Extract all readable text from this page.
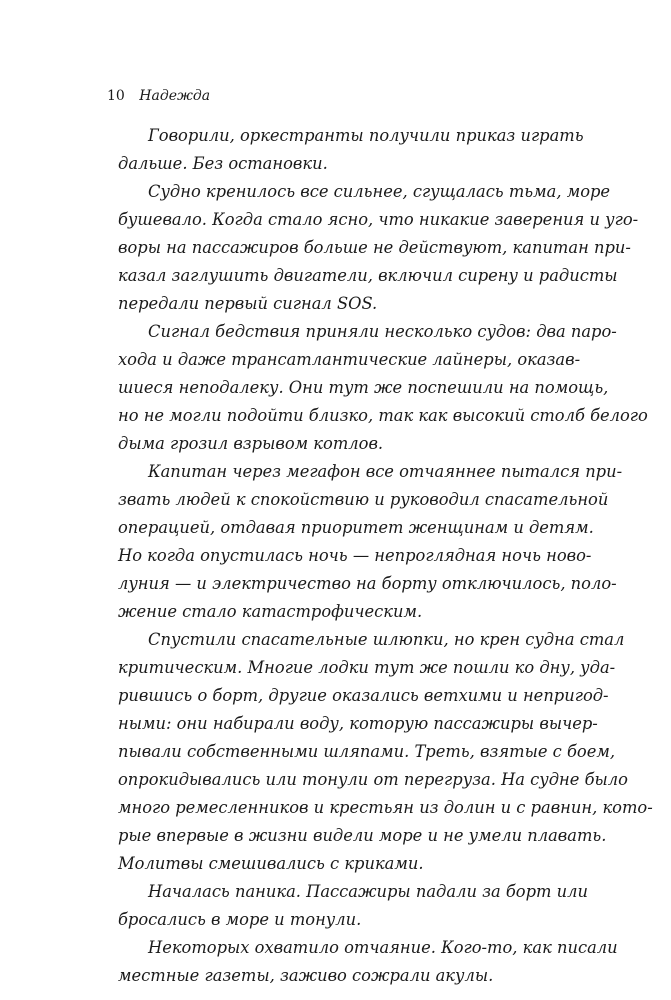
10 Надежда
Говорили, оркестранты получили приказ играть
дальше. Без остановки.
Судно кренилось все сильнее, сгущалась тьма, море
бушевало. Когда стало ясно, что никакие заверения и уго-
воры на пассажиров больше не действуют, капитан при-
казал заглушить двигатели, включил сирену и радисты
передали первый сигнал SOS.
Сигнал бедствия приняли несколько судов: два паро-
хода и даже трансатлантические лайнеры, оказав-
шиеся неподалеку. Они тут же поспешили на помощь,
но не могли подойти близко, так как высокий столб белого
дыма грозил взрывом котлов.
Капитан через мегафон все отчаяннее пытался при-
звать людей к спокойствию и руководил спасательной
операцией, отдавая приоритет женщинам и детям.
Но когда опустилась ночь — непроглядная ночь ново-
луния — и электричество на борту отключилось, поло-
жение стало катастрофическим.
Спустили спасательные шлюпки, но крен судна стал
критическим. Многие лодки тут же пошли ко дну, уда-
рившись о борт, другие оказались ветхими и непригод-
ными: они набирали воду, которую пассажиры вычер-
пывали собственными шляпами. Треть, взятые с боем,
опрокидывались или тонули от перегруза. На судне было
много ремесленников и крестьян из долин и с равнин, кото-
рые впервые в жизни видели море и не умели плавать.
Молитвы смешивались с криками.
Началась паника. Пассажиры падали за борт или
бросались в море и тонули.
Некоторых охватило отчаяние. Кого-то, как писали
местные газеты, заживо сожрали акулы.
